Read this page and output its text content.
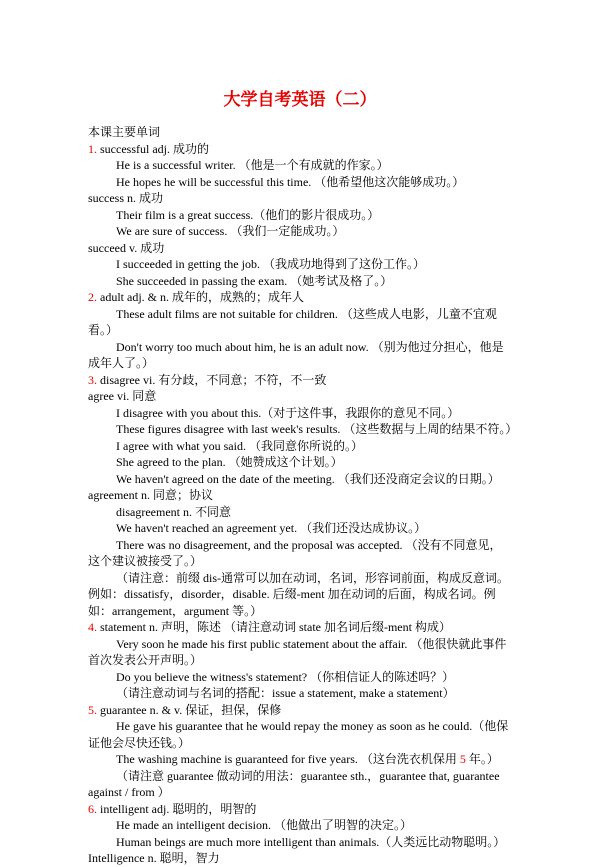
大学自考英语（二）

本课主要单词

1. successful adj. 成功的
He is a successful writer. （他是一个有成就的作家。）
He hopes he will be successful this time. （他希望他这次能够成功。）
success n. 成功
Their film is a great success.（他们的影片很成功。）
We are sure of success. （我们一定能成功。）
succeed v. 成功
I succeeded in getting the job. （我成功地得到了这份工作。）
She succeeded in passing the exam. （她考试及格了。）
2. adult adj. & n. 成年的，成熟的；成年人
These adult films are not suitable for children. （这些成人电影，儿童不宜观看。）
Don't worry too much about him, he is an adult now. （别为他过分担心，他是成年人了。）
3. disagree vi. 有分歧，不同意；不符，不一致
agree vi. 同意
I disagree with you about this.（对于这件事，我跟你的意见不同。）
These figures disagree with last week's results. （这些数据与上周的结果不符。）
I agree with what you said. （我同意你所说的。）
She agreed to the plan. （她赞成这个计划。）
We haven't agreed on the date of the meeting. （我们还没商定会议的日期。）
agreement n. 同意；协议
disagreement n. 不同意
We haven't reached an agreement yet. （我们还没达成协议。）
There was no disagreement, and the proposal was accepted. （没有不同意见，这个建议被接受了。）
（请注意：前缀 dis-通常可以加在动词，名词，形容词前面，构成反意词。例如：dissatisfy，disorder，disable. 后缀-ment 加在动词的后面，构成名词。例如：arrangement，argument 等。）
4. statement n. 声明，陈述 （请注意动词 state 加名词后缀-ment 构成）
Very soon he made his first public statement about the affair. （他很快就此事件首次发表公开声明。）
Do you believe the witness's statement? （你相信证人的陈述吗？）
（请注意动词与名词的搭配：issue a statement, make a statement）
5. guarantee n. & v. 保证，担保，保修
He gave his guarantee that he would repay the money as soon as he could.（他保证他会尽快还钱。）
The washing machine is guaranteed for five years. （这台洗衣机保用 5 年。）
（请注意 guarantee 做动词的用法：guarantee sth.，guarantee that, guarantee against / from ）
6. intelligent adj. 聪明的，明智的
He made an intelligent decision. （他做出了明智的决定。）
Human beings are much more intelligent than animals.（人类远比动物聪明。）
Intelligence n. 聪明，智力
